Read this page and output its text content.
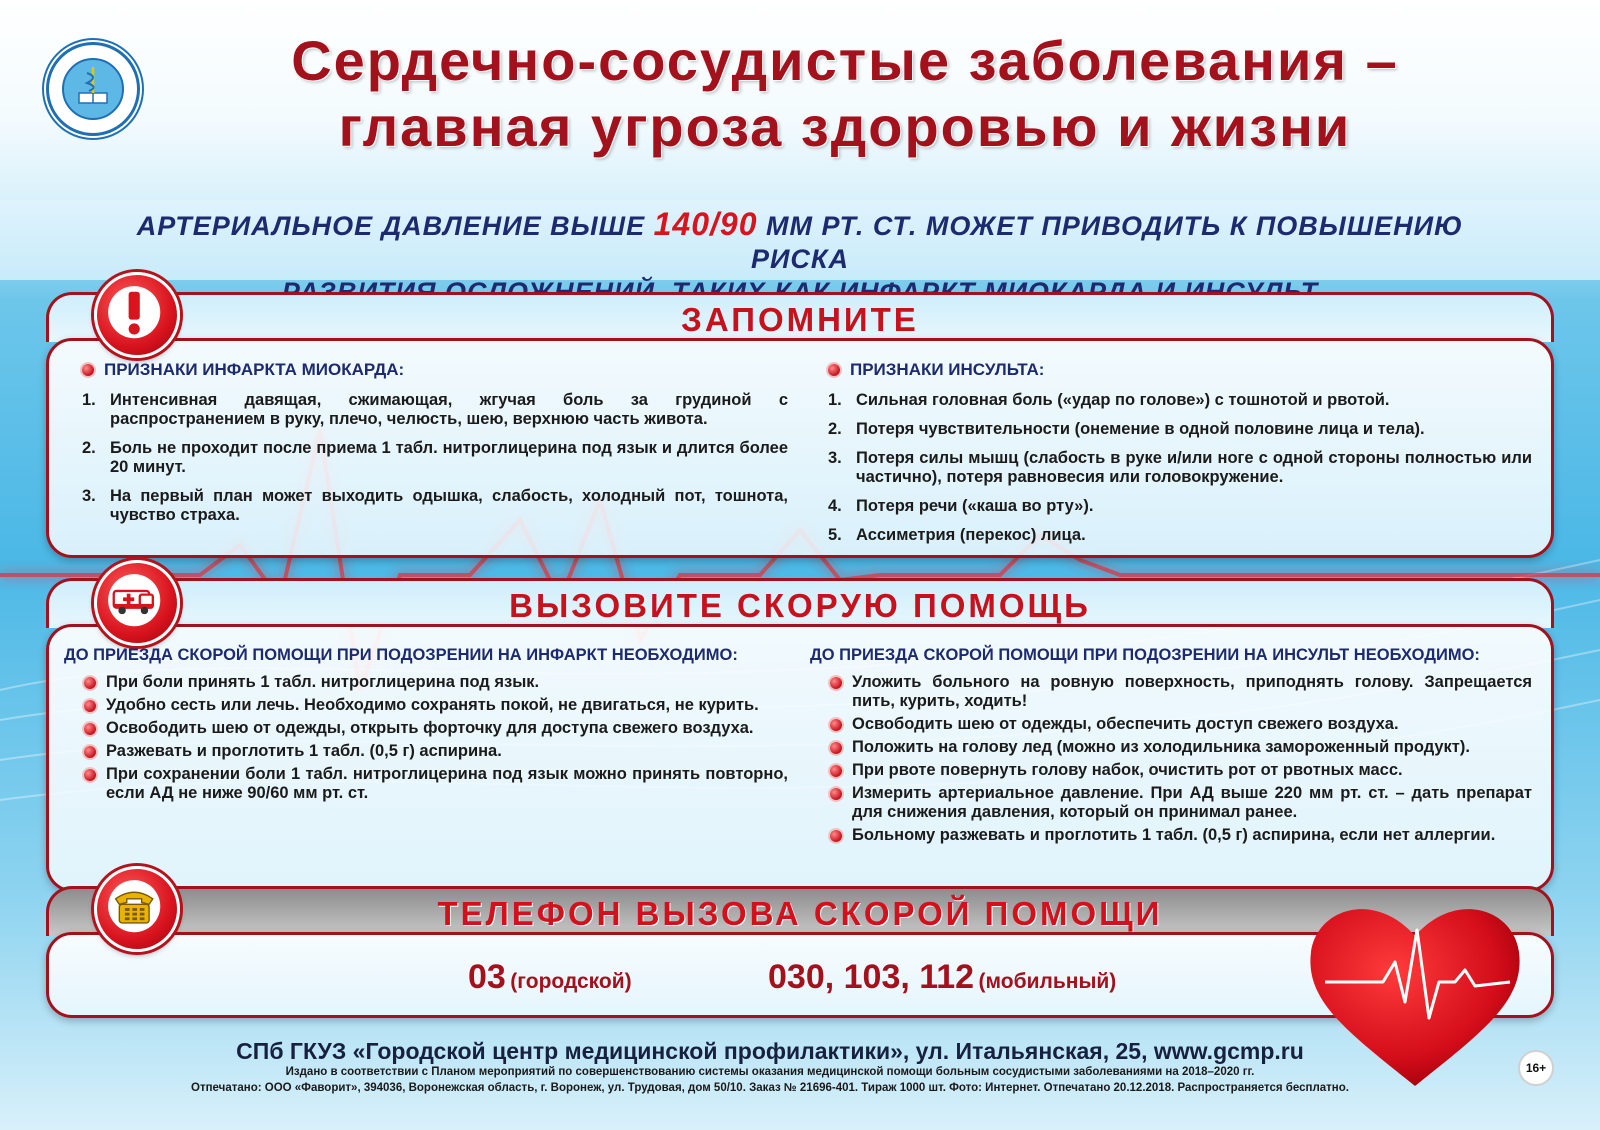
Сердечно-сосудистые заболевания –
главная угроза здоровью и жизни
АРТЕРИАЛЬНОЕ ДАВЛЕНИЕ ВЫШЕ 140/90 ММ РТ. СТ. МОЖЕТ ПРИВОДИТЬ К ПОВЫШЕНИЮ РИСКА

ЗАПОМНИТЕ
ПРИЗНАКИ ИНФАРКТА МИОКАРДА:
1. Интенсивная давящая, сжимающая, жгучая боль за грудиной с распространением в руку, плечо, челюсть, шею, верхнюю часть живота.
2. Боль не проходит после приема 1 табл. нитроглицерина под язык и длится более 20 минут.
3. На первый план может выходить одышка, слабость, холодный пот, тошнота, чувство страха.
ПРИЗНАКИ ИНСУЛЬТА:
1. Сильная головная боль («удар по голове») с тошнотой и рвотой.
2. Потеря чувствительности (онемение в одной половине лица и тела).
3. Потеря силы мышц (слабость в руке и/или ноге с одной стороны полностью или частично), потеря равновесия или головокружение.
4. Потеря речи («каша во рту»).
5. Ассиметрия (перекос) лица.
ВЫЗОВИТЕ СКОРУЮ ПОМОЩЬ
ДО ПРИЕЗДА СКОРОЙ ПОМОЩИ ПРИ ПОДОЗРЕНИИ НА ИНФАРКТ НЕОБХОДИМО:
При боли принять 1 табл. нитроглицерина под язык.
Удобно сесть или лечь. Необходимо сохранять покой, не двигаться, не курить.
Освободить шею от одежды, открыть форточку для доступа свежего воздуха.
Разжевать и проглотить 1 табл. (0,5 г) аспирина.
При сохранении боли 1 табл. нитроглицерина под язык можно принять повторно, если АД не ниже 90/60 мм рт. ст.
ДО ПРИЕЗДА СКОРОЙ ПОМОЩИ ПРИ ПОДОЗРЕНИИ НА ИНСУЛЬТ НЕОБХОДИМО:
Уложить больного на ровную поверхность, приподнять голову. Запрещается пить, курить, ходить!
Освободить шею от одежды, обеспечить доступ свежего воздуха.
Положить на голову лед (можно из холодильника замороженный продукт).
При рвоте повернуть голову набок, очистить рот от рвотных масс.
Измерить артериальное давление. При АД выше 220 мм рт. ст. – дать препарат для снижения давления, который он принимал ранее.
Больному разжевать и проглотить 1 табл. (0,5 г) аспирина, если нет аллергии.
ТЕЛЕФОН ВЫЗОВА СКОРОЙ ПОМОЩИ
03 (городской)	030, 103, 112 (мобильный)
СПб ГКУЗ «Городской центр медицинской профилактики», ул. Итальянская, 25, www.gcmp.ru
Издано в соответствии с Планом мероприятий по совершенствованию системы оказания медицинской помощи больным сосудистыми заболеваниями на 2018–2020 гг.
Отпечатано: ООО «Фаворит», 394036, Воронежская область, г. Воронеж, ул. Трудовая, дом 50/10. Заказ № 21696-401. Тираж 1000 шт. Фото: Интернет. Отпечатано 20.12.2018. Распространяется бесплатно.
16+
